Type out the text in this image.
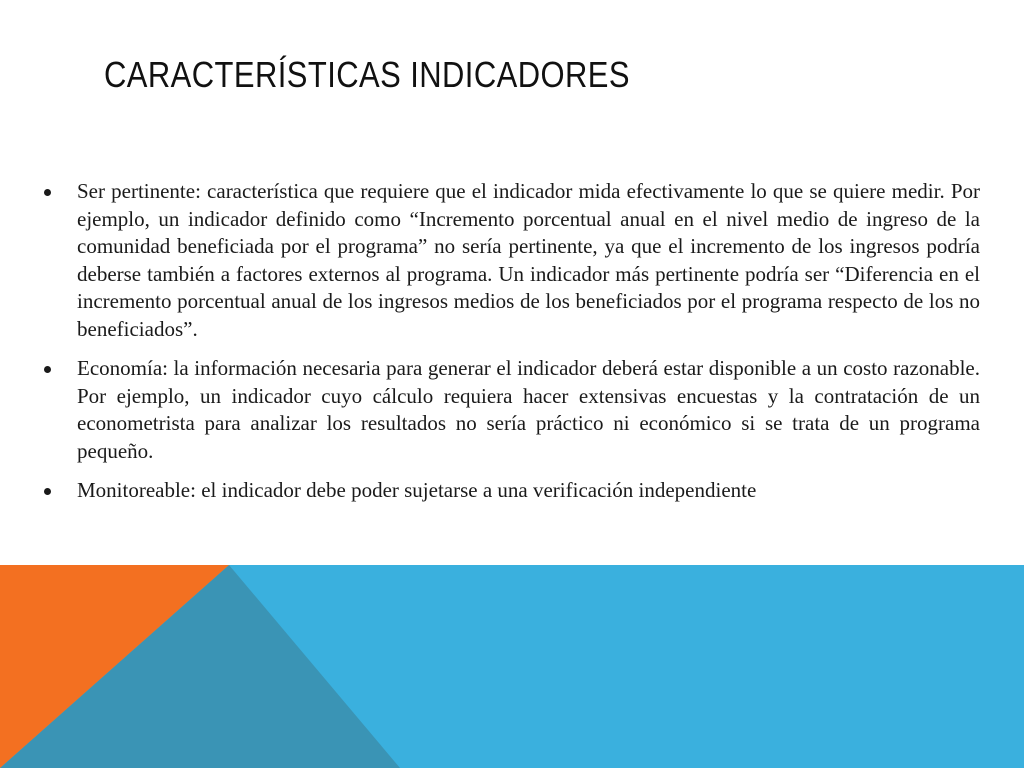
CARACTERÍSTICAS INDICADORES
Ser pertinente: característica que requiere que el indicador mida efectivamente lo que se quiere medir. Por ejemplo, un indicador definido como “Incremento porcentual anual en el nivel medio de ingreso de la comunidad beneficiada por el programa” no sería pertinente, ya que el incremento de los ingresos podría deberse también a factores externos al programa. Un indicador más pertinente podría ser “Diferencia en el incremento porcentual anual de los ingresos medios de los beneficiados por el programa respecto de los no beneficiados”.
Economía: la información necesaria para generar el indicador deberá estar disponible a un costo razonable. Por ejemplo, un indicador cuyo cálculo requiera hacer extensivas encuestas y la contratación de un econometrista para analizar los resultados no sería práctico ni económico si se trata de un programa pequeño.
Monitoreable: el indicador debe poder sujetarse a una verificación independiente
